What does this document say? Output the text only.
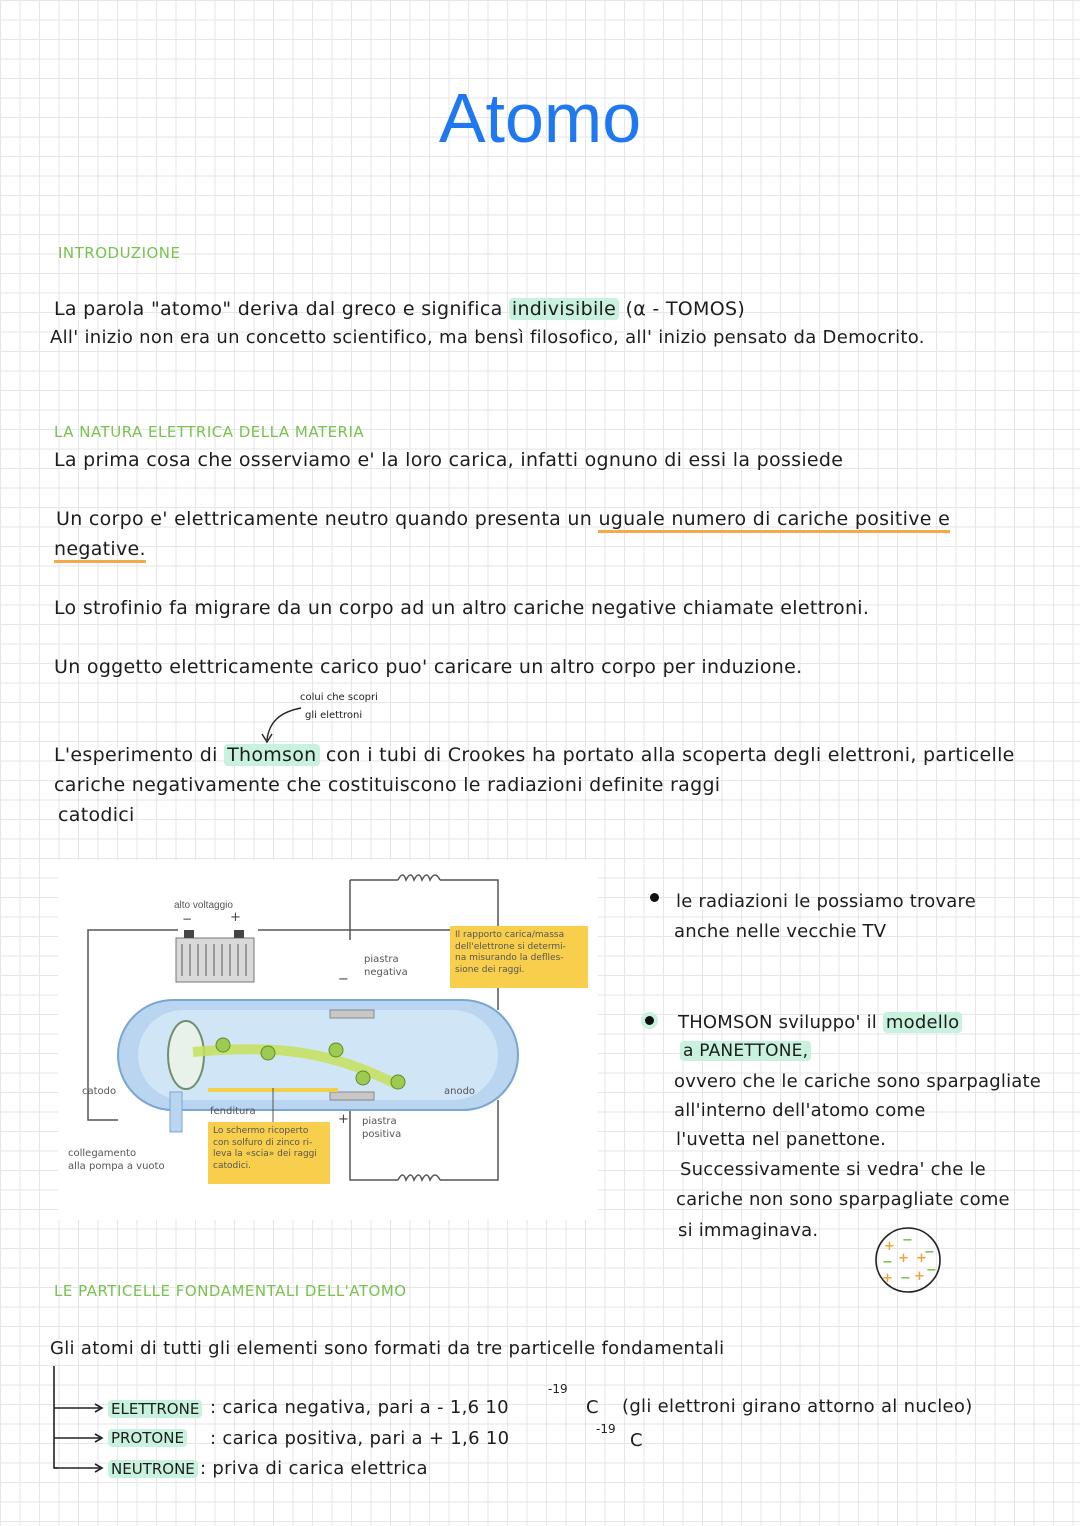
Atomo
INTRODUZIONE
La parola "atomo" deriva dal greco e significa indivisibile (α - TOMOS)
All' inizio non era un concetto scientifico, ma bensì filosofico, all' inizio pensato da Democrito.
LA NATURA ELETTRICA DELLA MATERIA
La prima cosa che osserviamo e' la loro carica, infatti ognuno di essi la possiede
Un corpo e' elettricamente neutro quando presenta un uguale numero di cariche positive e
negative.
Lo strofinio fa migrare da un corpo ad un altro cariche negative chiamate elettroni.
Un oggetto elettricamente carico puo' caricare un altro corpo per induzione.
colui che scopri
gli elettroni
L'esperimento di Thomson con i tubi di Crookes ha portato alla scoperta degli elettroni, particelle
cariche negativamente che costituiscono le radiazioni definite raggi
catodici
alto voltaggio
−	+
−
+
piastra
negativa
piastra
positiva
catodo	anodo
fenditura
collegamento
alla pompa a vuoto
Il rapporto carica/massa
dell'elettrone si determi-
na misurando la deflles-
sione dei raggi.
Lo schermo ricoperto
con solfuro di zinco ri-
leva la «scia» dei raggi
catodici.
le radiazioni le possiamo trovare
anche nelle vecchie TV
THOMSON sviluppo' il modello
a PANETTONE,
ovvero che le cariche sono sparpagliate
all'interno dell'atomo come
l'uvetta nel panettone.
Successivamente si vedra' che le
cariche non sono sparpagliate come
si immaginava.
+ −
− + +
−
+ − + −
LE PARTICELLE FONDAMENTALI DELL'ATOMO
Gli atomi di tutti gli elementi sono formati da tre particelle fondamentali
ELETTRONE : carica negativa, pari a - 1,6 10
-19
C (gli elettroni girano attorno al nucleo)
PROTONE : carica positiva, pari a + 1,6 10	-19
C
NEUTRONE : priva di carica elettrica
